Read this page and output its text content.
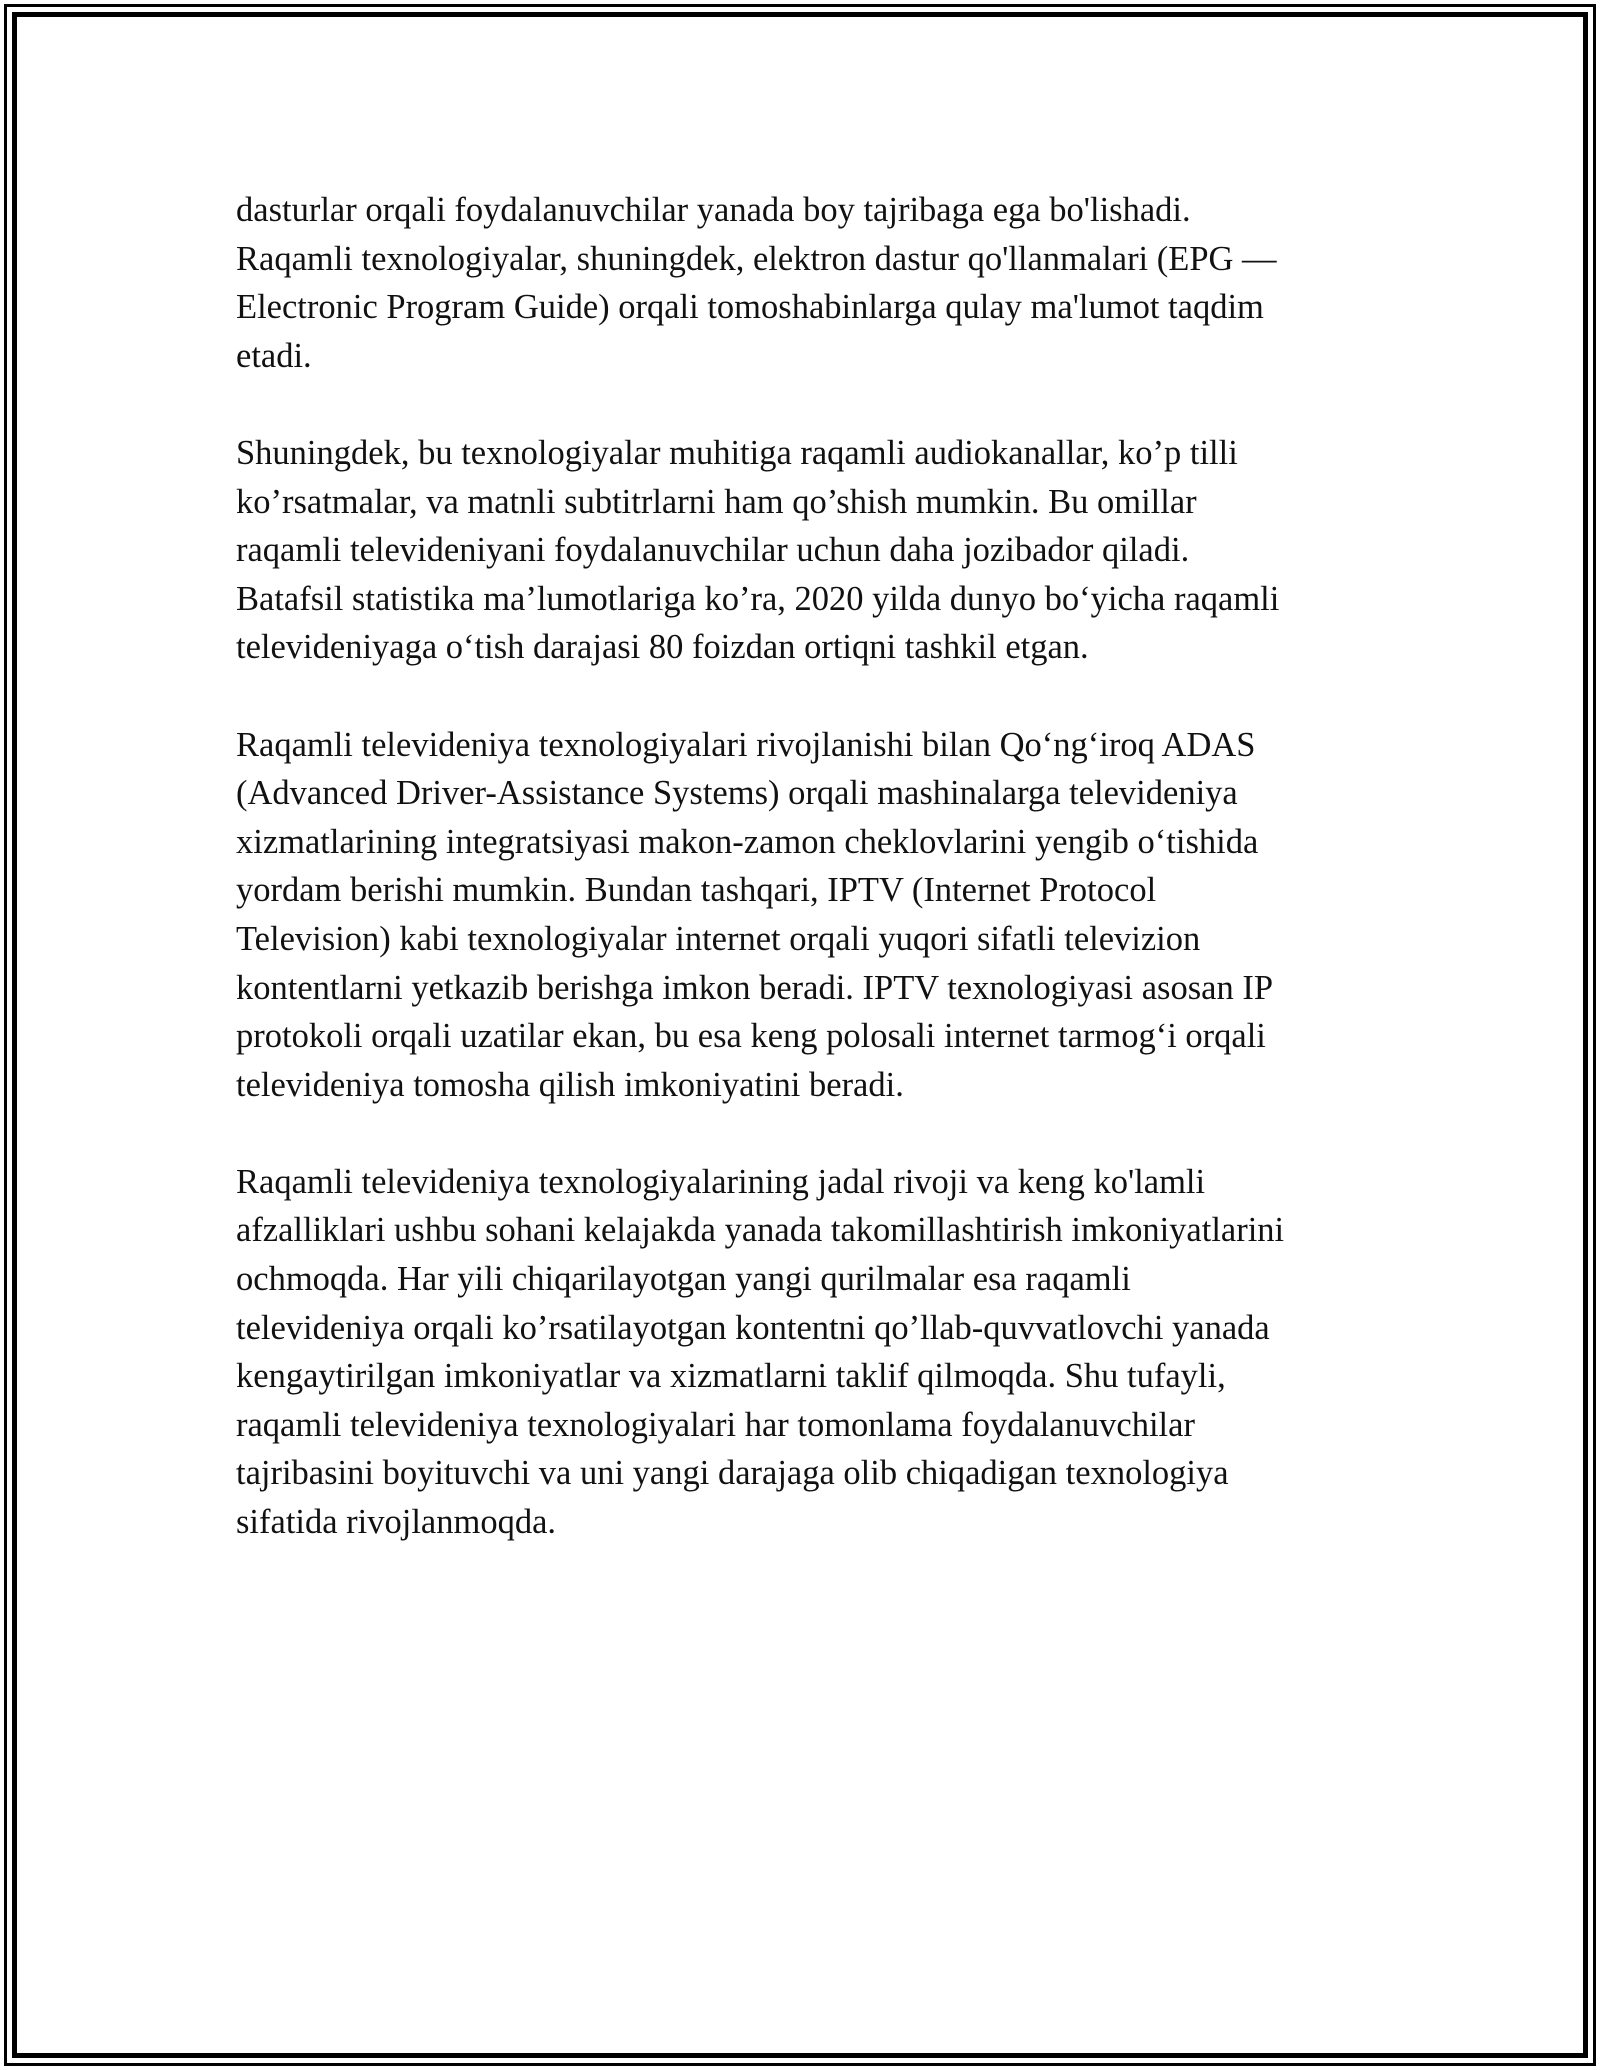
dasturlar orqali foydalanuvchilar yanada boy tajribaga ega bo'lishadi.
Raqamli texnologiyalar, shuningdek, elektron dastur qo'llanmalari (EPG —
Electronic Program Guide) orqali tomoshabinlarga qulay ma'lumot taqdim
etadi.

Shuningdek, bu texnologiyalar muhitiga raqamli audiokanallar, ko’p tilli
ko’rsatmalar, va matnli subtitrlarni ham qo’shish mumkin. Bu omillar
raqamli televideniyani foydalanuvchilar uchun daha jozibador qiladi.
Batafsil statistika ma’lumotlariga ko’ra, 2020 yilda dunyo bo‘yicha raqamli
televideniyaga o‘tish darajasi 80 foizdan ortiqni tashkil etgan.

Raqamli televideniya texnologiyalari rivojlanishi bilan Qo‘ng‘iroq ADAS
(Advanced Driver-Assistance Systems) orqali mashinalarga televideniya
xizmatlarining integratsiyasi makon-zamon cheklovlarini yengib o‘tishida
yordam berishi mumkin. Bundan tashqari, IPTV (Internet Protocol
Television) kabi texnologiyalar internet orqali yuqori sifatli televizion
kontentlarni yetkazib berishga imkon beradi. IPTV texnologiyasi asosan IP
protokoli orqali uzatilar ekan, bu esa keng polosali internet tarmog‘i orqali
televideniya tomosha qilish imkoniyatini beradi.

Raqamli televideniya texnologiyalarining jadal rivoji va keng ko'lamli
afzalliklari ushbu sohani kelajakda yanada takomillashtirish imkoniyatlarini
ochmoqda. Har yili chiqarilayotgan yangi qurilmalar esa raqamli
televideniya orqali ko’rsatilayotgan kontentni qo’llab-quvvatlovchi yanada
kengaytirilgan imkoniyatlar va xizmatlarni taklif qilmoqda. Shu tufayli,
raqamli televideniya texnologiyalari har tomonlama foydalanuvchilar
tajribasini boyituvchi va uni yangi darajaga olib chiqadigan texnologiya
sifatida rivojlanmoqda.
